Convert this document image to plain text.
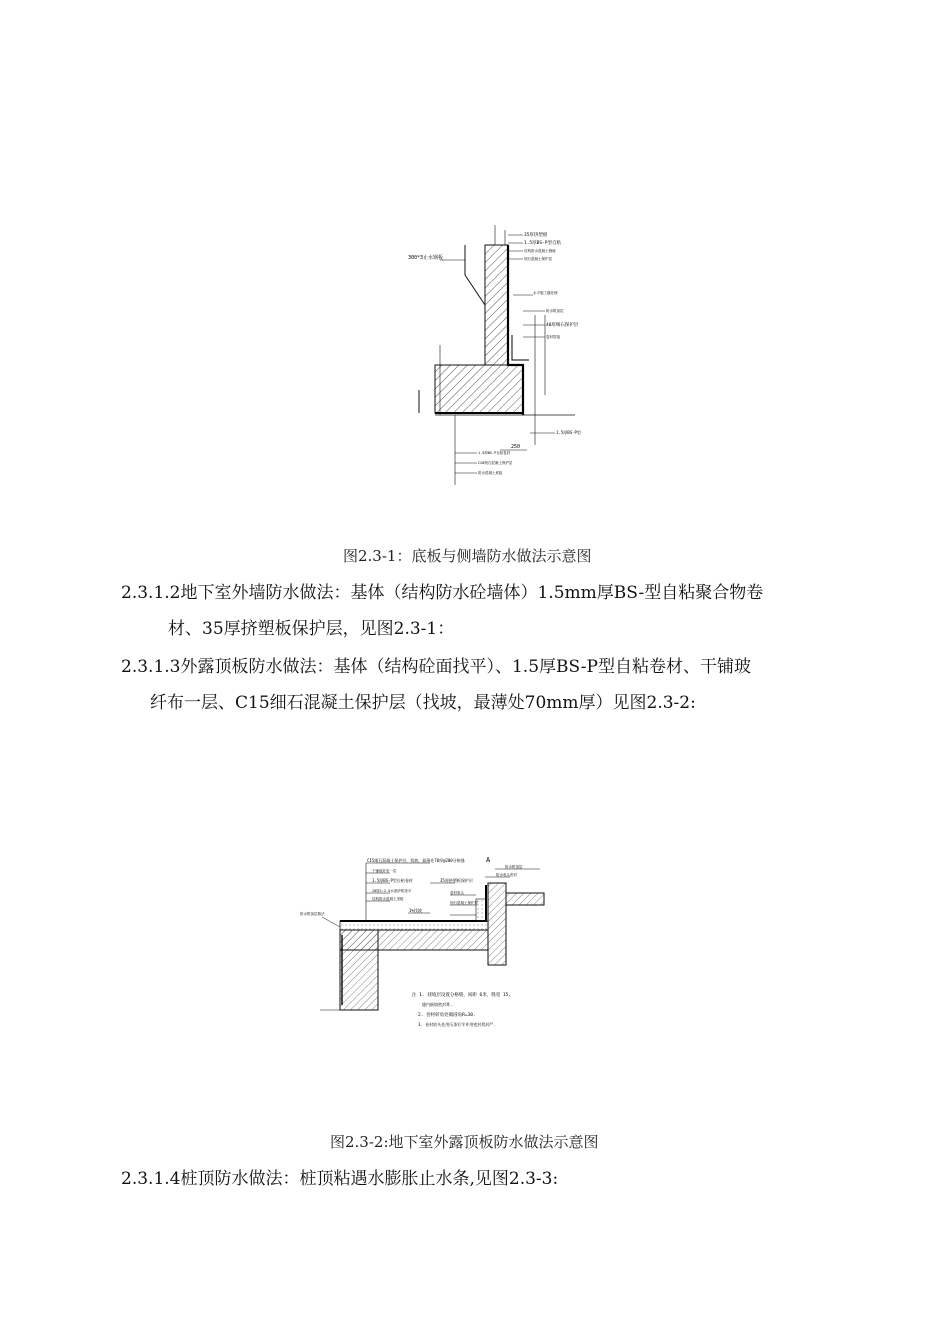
300*3止水钢板
35厚挤塑板
1.5厚BS-P型自粘
结构防水混凝土侧墙
细石混凝土保护层
水平施工缝处理
防水附加层
40厚细石保护层
卷材搭接
250
1.5厚BS-P型
1.5厚BS-P自粘卷材
C20细石混凝土保护层
防水混凝土底板
图2.3-1：底板与侧墙防水做法示意图
2.3.1.2地下室外墙防水做法：基体（结构防水砼墙体）1.5mm厚BS-型自粘聚合物卷
材、35厚挤塑板保护层，见图2.3-1：
2.3.1.3外露顶板防水做法：基体（结构砼面找平）、1.5厚BS-P型自粘卷材、干铺玻
纤布一层、C15细石混凝土保护层（找坡，最薄处70mm厚）见图2.3-2:
C15细石混凝土保护层，找坡，最薄处70厚@200分格缝
干铺玻纤布一层
1.5厚BS-P型自粘卷材
20厚1:2.5水泥砂浆找平
结构防水混凝土顶板
1%找坡
35厚挤塑板保护层
A
防水附加层
防水收头密封
卷材收头
细石混凝土保护层
防水附加层做法
注 1. 找坡层设置分格缝，间距 6米，缝宽 15,
缝内嵌填密封膏.
2. 卷材转角处做圆角R=30.
3. 卷材收头处用压条钉牢并用密封膏封严.
图2.3-2:地下室外露顶板防水做法示意图
2.3.1.4桩顶防水做法：桩顶粘遇水膨胀止水条,见图2.3-3:
